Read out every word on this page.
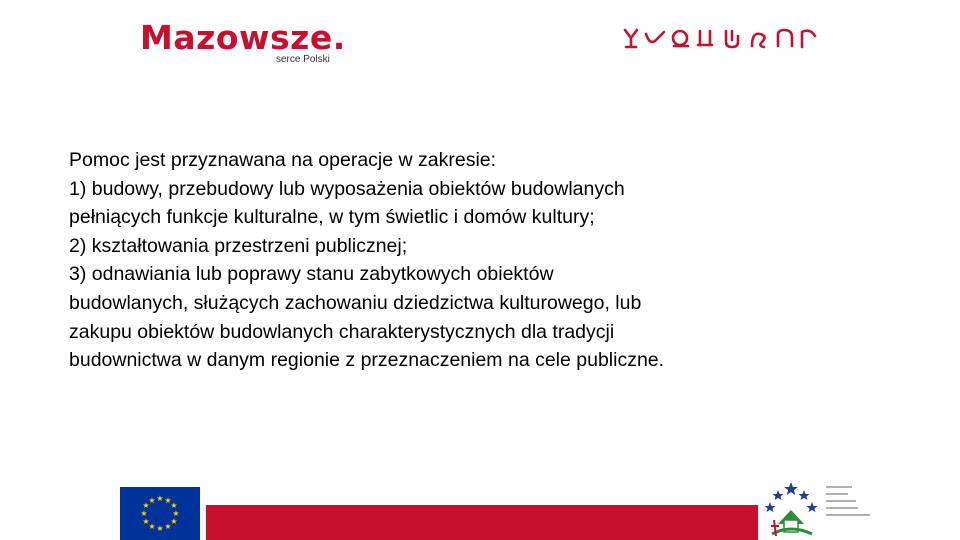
Mazowsze.
serce Polski

Pomoc jest przyznawana na operacje w zakresie:

1) budowy, przebudowy lub wyposażenia obiektów budowlanych

pełniących funkcje kulturalne, w tym świetlic i domów kultury;

2) kształtowania przestrzeni publicznej;

3) odnawiania lub poprawy stanu zabytkowych obiektów

budowlanych, służących zachowaniu dziedzictwa kulturowego, lub

zakupu obiektów budowlanych charakterystycznych dla tradycji

budownictwa w danym regionie z przeznaczeniem na cele publiczne.

★ ★
★
★
★
★
★
★
★
★
★
★
